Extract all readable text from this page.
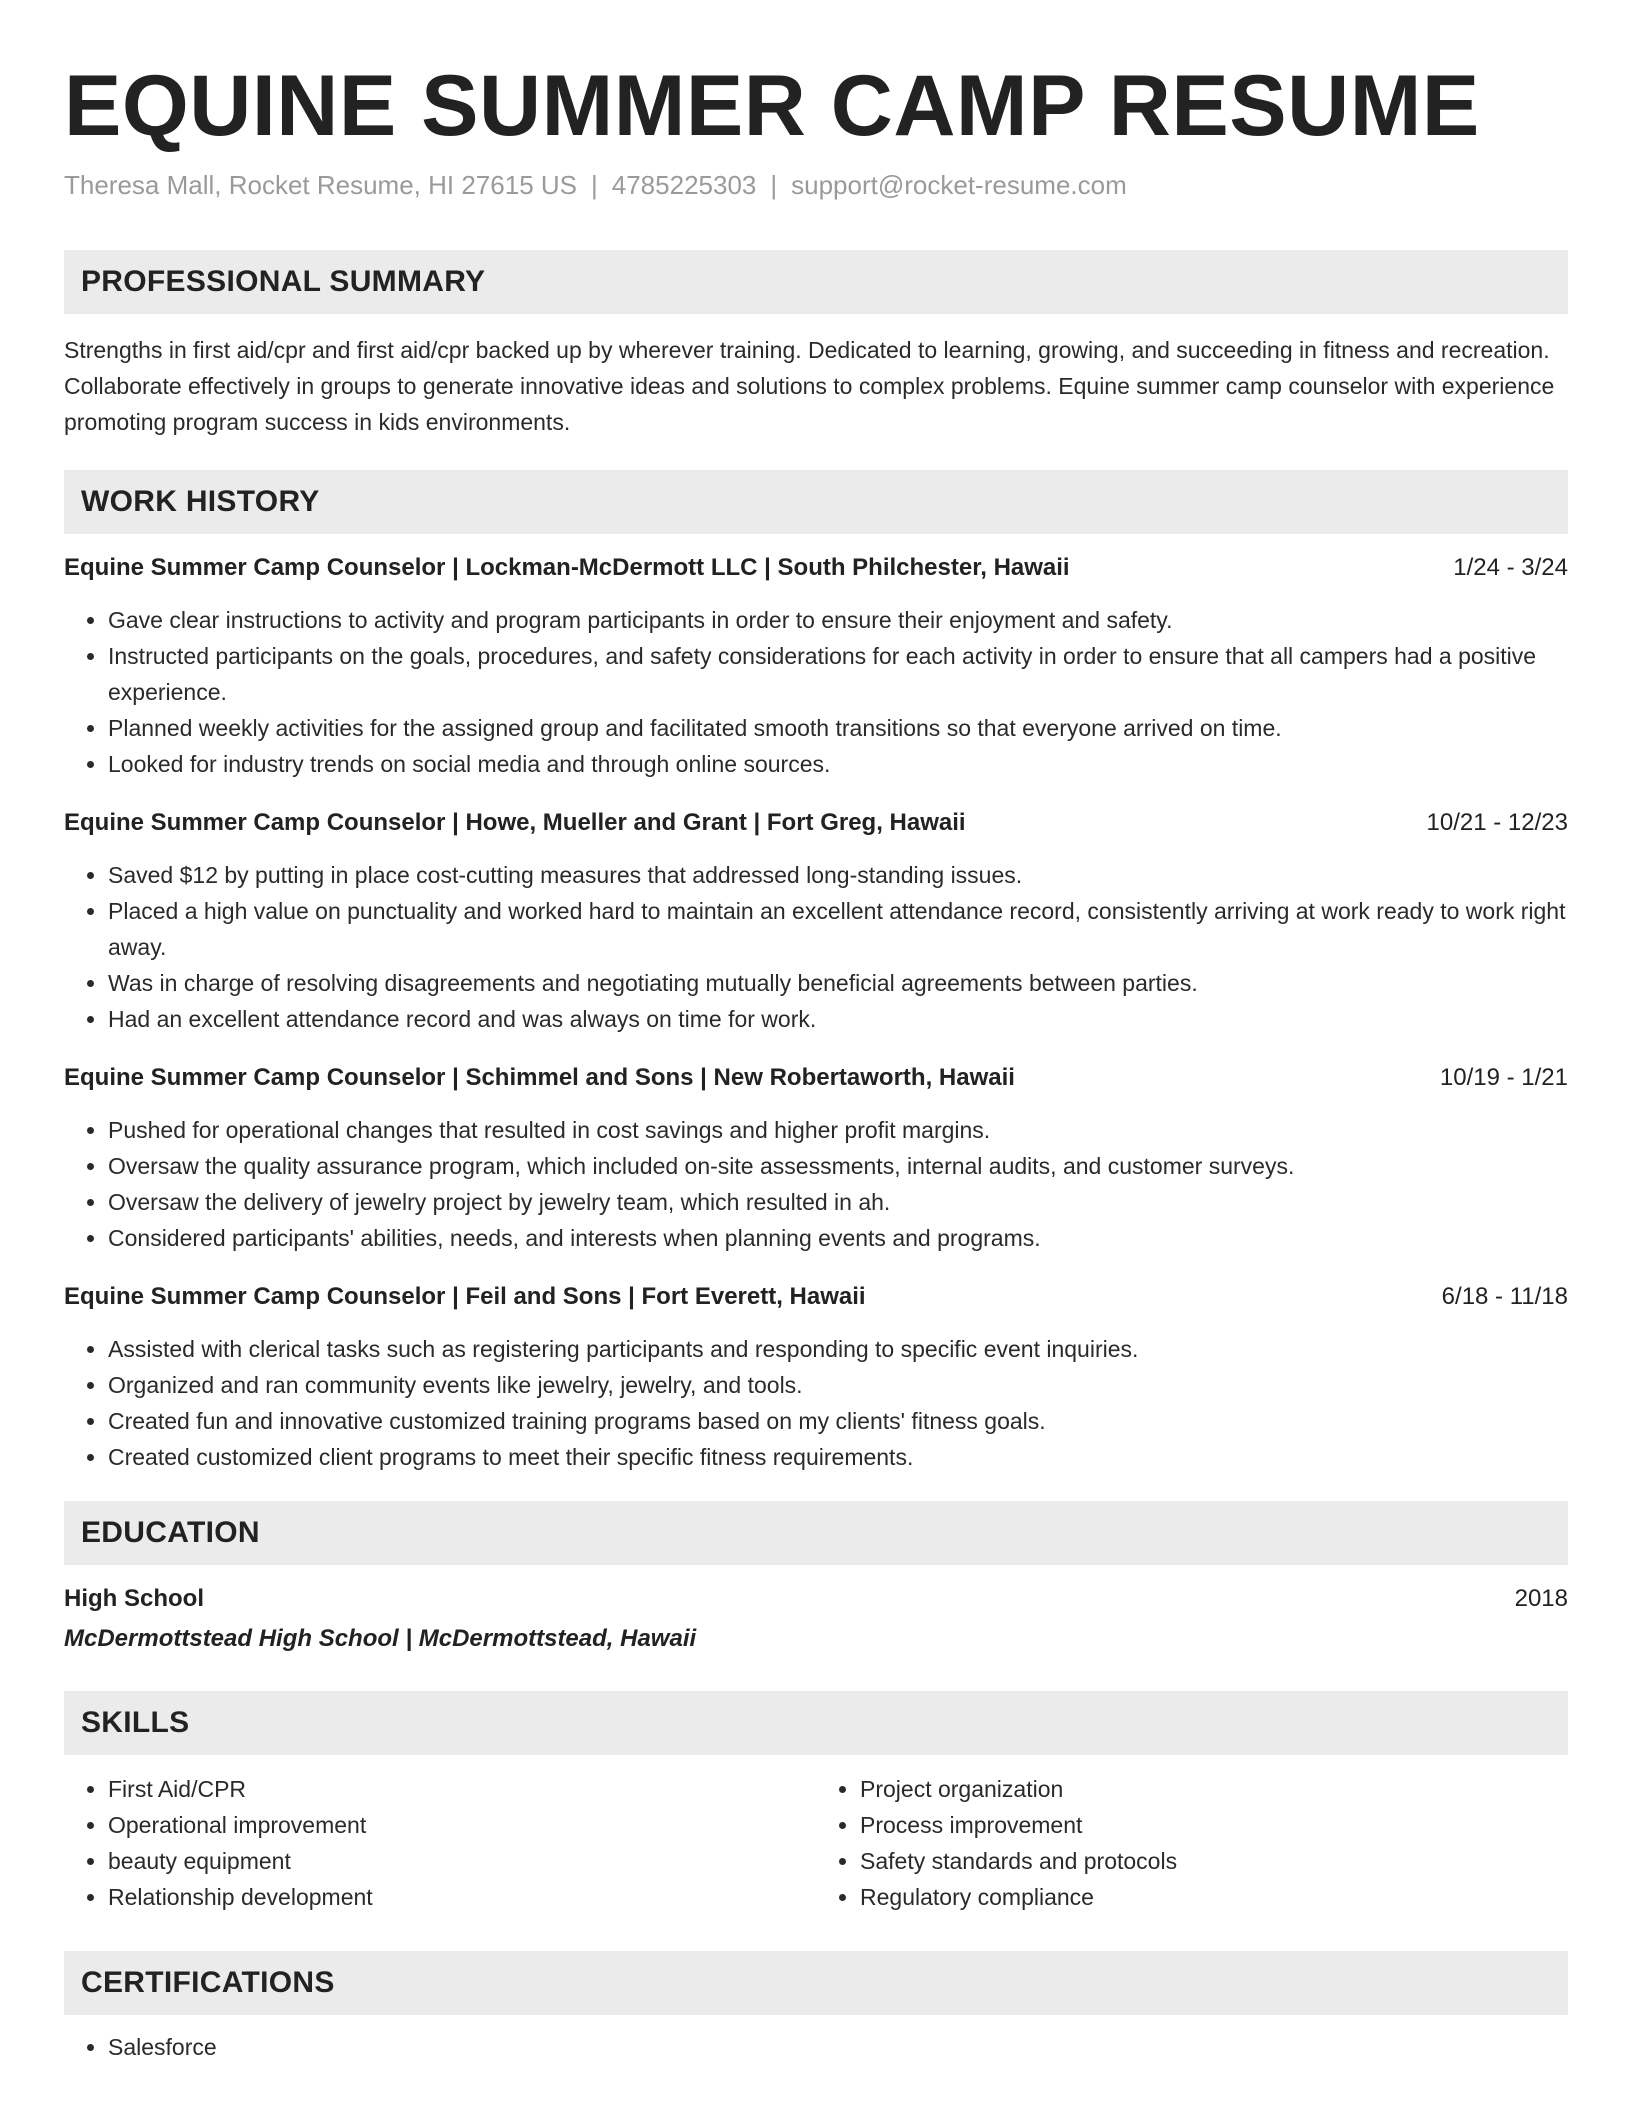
EQUINE SUMMER CAMP RESUME
Theresa Mall, Rocket Resume, HI 27615 US | 4785225303 | support@rocket-resume.com
PROFESSIONAL SUMMARY

Strengths in first aid/cpr and first aid/cpr backed up by wherever training. Dedicated to learning, growing, and succeeding in fitness and recreation. Collaborate effectively in groups to generate innovative ideas and solutions to complex problems. Equine summer camp counselor with experience promoting program success in kids environments.

WORK HISTORY
Equine Summer Camp Counselor | Lockman-McDermott LLC | South Philchester, Hawaii	1/24 - 3/24
• Gave clear instructions to activity and program participants in order to ensure their enjoyment and safety.
• Instructed participants on the goals, procedures, and safety considerations for each activity in order to ensure that all campers had a positive experience.
• Planned weekly activities for the assigned group and facilitated smooth transitions so that everyone arrived on time.
• Looked for industry trends on social media and through online sources.
Equine Summer Camp Counselor | Howe, Mueller and Grant | Fort Greg, Hawaii	10/21 - 12/23
• Saved $12 by putting in place cost-cutting measures that addressed long-standing issues.
• Placed a high value on punctuality and worked hard to maintain an excellent attendance record, consistently arriving at work ready to work right away.
• Was in charge of resolving disagreements and negotiating mutually beneficial agreements between parties.
• Had an excellent attendance record and was always on time for work.
Equine Summer Camp Counselor | Schimmel and Sons | New Robertaworth, Hawaii	10/19 - 1/21
• Pushed for operational changes that resulted in cost savings and higher profit margins.
• Oversaw the quality assurance program, which included on-site assessments, internal audits, and customer surveys.
• Oversaw the delivery of jewelry project by jewelry team, which resulted in ah.
• Considered participants' abilities, needs, and interests when planning events and programs.
Equine Summer Camp Counselor | Feil and Sons | Fort Everett, Hawaii	6/18 - 11/18
• Assisted with clerical tasks such as registering participants and responding to specific event inquiries.
• Organized and ran community events like jewelry, jewelry, and tools.
• Created fun and innovative customized training programs based on my clients' fitness goals.
• Created customized client programs to meet their specific fitness requirements.
EDUCATION
High School	2018
McDermottstead High School | McDermottstead, Hawaii
SKILLS
• First Aid/CPR
• Operational improvement
• beauty equipment
• Relationship development
• Project organization
• Process improvement
• Safety standards and protocols
• Regulatory compliance
CERTIFICATIONS
• Salesforce
